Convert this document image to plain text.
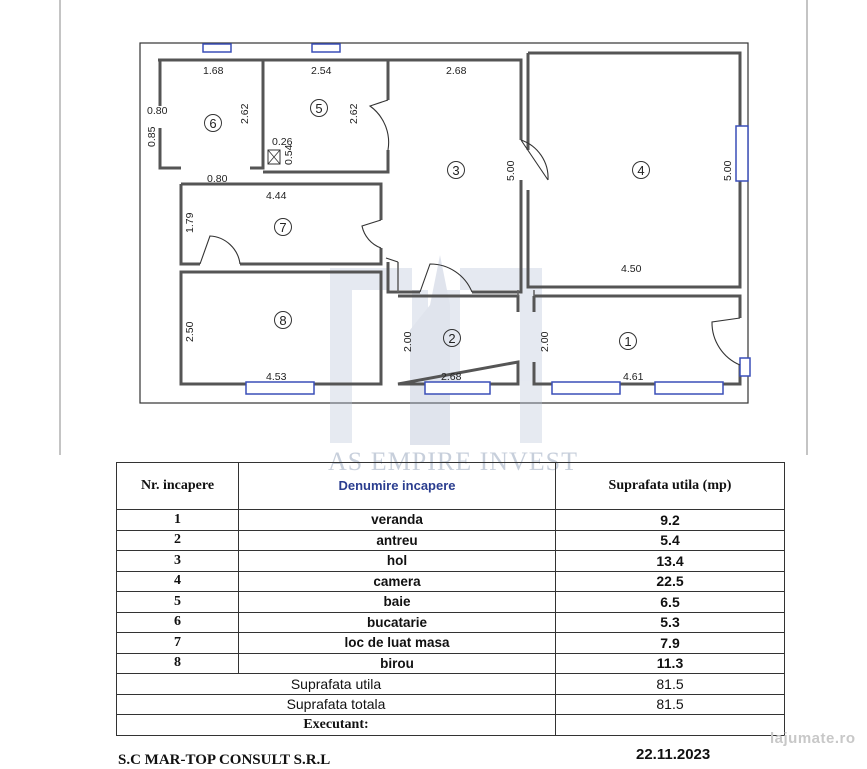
AS EMPIRE INVEST
1.68	2.54	2.68
0.80
0.85
2.62	2.62
0.26
0.54
0.80
4.44
1.79
5.00	5.00
4.50
2.50	2.00	2.00
4.53	2.68	4.61
1
2
3	4
5
6
7
8
Nr. incapere	Denumire incapere	Suprafata utila (mp)
1	veranda	9.2
2	antreu	5.4
3	hol	13.4
4	camera	22.5
5	baie	6.5
6	bucatarie	5.3
7	loc de luat masa	7.9
8	birou	11.3
Suprafata utila		81.5
Suprafata totala		81.5
Executant:		
S.C MAR-TOP CONSULT S.R.L	22.11.2023
lajumate.ro
